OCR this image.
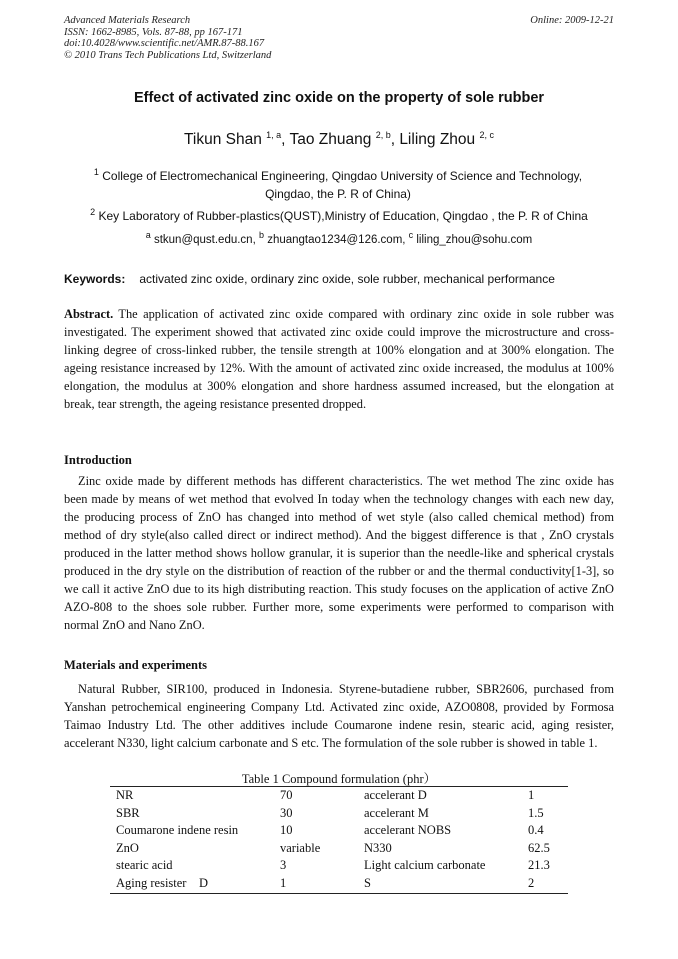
Advanced Materials Research
ISSN: 1662-8985, Vols. 87-88, pp 167-171
doi:10.4028/www.scientific.net/AMR.87-88.167
© 2010 Trans Tech Publications Ltd, Switzerland
Online: 2009-12-21
Effect of activated zinc oxide on the property of sole rubber
Tikun Shan $^{1, a}$, Tao Zhuang $^{2, b}$, Liling Zhou $^{2, c}$
$^1$ College of Electromechanical Engineering, Qingdao University of Science and Technology, Qingdao, the P. R of China)
$^2$ Key Laboratory of Rubber-plastics(QUST),Ministry of Education, Qingdao , the P. R of China
$^a$ stkun@qust.edu.cn, $^b$ zhuangtao1234@126.com, $^c$ liling_zhou@sohu.com
Keywords: activated zinc oxide, ordinary zinc oxide, sole rubber, mechanical performance
Abstract. The application of activated zinc oxide compared with ordinary zinc oxide in sole rubber was investigated. The experiment showed that activated zinc oxide could improve the microstructure and cross-linking degree of cross-linked rubber, the tensile strength at 100% elongation and at 300% elongation. The ageing resistance increased by 12%. With the amount of activated zinc oxide increased, the modulus at 100% elongation, the modulus at 300% elongation and shore hardness assumed increased, but the elongation at break, tear strength, the ageing resistance presented dropped.
Introduction
Zinc oxide made by different methods has different characteristics. The wet method The zinc oxide has been made by means of wet method that evolved In today when the technology changes with each new day, the producing process of ZnO has changed into method of wet style (also called chemical method) from method of dry style(also called direct or indirect method). And the biggest difference is that , ZnO crystals produced in the latter method shows hollow granular, it is superior than the needle-like and spherical crystals produced in the dry style on the distribution of reaction of the rubber or and the thermal conductivity[1-3], so we call it active ZnO due to its high distributing reaction. This study focuses on the application of active ZnO AZO-808 to the shoes sole rubber. Further more, some experiments were performed to comparison with normal ZnO and Nano ZnO.
Materials and experiments
Natural Rubber, SIR100, produced in Indonesia. Styrene-butadiene rubber, SBR2606, purchased from Yanshan petrochemical engineering Company Ltd. Activated zinc oxide, AZO0808, provided by Formosa Taimao Industry Ltd. The other additives include Coumarone indene resin, stearic acid, aging resister, accelerant N330, light calcium carbonate and S etc. The formulation of the sole rubber is showed in table 1.
Table 1 Compound formulation (phr）
NR	70	accelerant D	1
SBR	30	accelerant M	1.5
Coumarone indene resin	10	accelerant NOBS	0.4
ZnO	variable	N330	62.5
stearic acid	3	Light calcium carbonate	21.3
Aging resister D	1	S	2
